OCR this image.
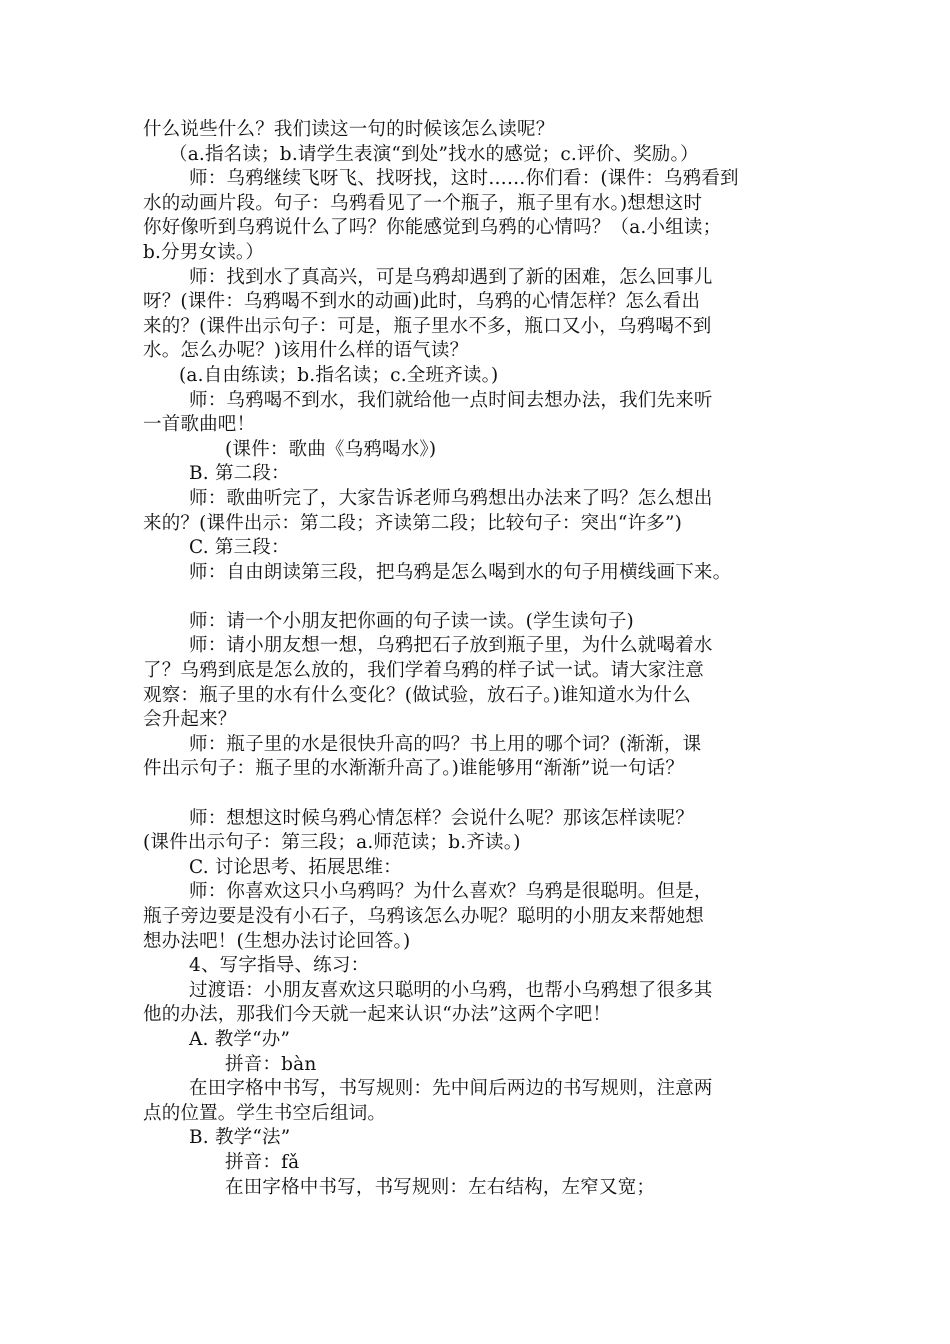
什么说些什么？我们读这一句的时候该怎么读呢？
（a.指名读；b.请学生表演“到处”找水的感觉；c.评价、奖励。）
师：乌鸦继续飞呀飞、找呀找，这时……你们看：(课件：乌鸦看到
水的动画片段。句子：乌鸦看见了一个瓶子，瓶子里有水。)想想这时
你好像听到乌鸦说什么了吗？你能感觉到乌鸦的心情吗？（a.小组读；
b.分男女读。）
师：找到水了真高兴，可是乌鸦却遇到了新的困难，怎么回事儿
呀？(课件：乌鸦喝不到水的动画)此时，乌鸦的心情怎样？怎么看出
来的？(课件出示句子：可是，瓶子里水不多，瓶口又小，乌鸦喝不到
水。怎么办呢？)该用什么样的语气读？
(a.自由练读；b.指名读；c.全班齐读。)
师：乌鸦喝不到水，我们就给他一点时间去想办法，我们先来听
一首歌曲吧！
(课件：歌曲《乌鸦喝水》)
B. 第二段：
师：歌曲听完了，大家告诉老师乌鸦想出办法来了吗？怎么想出
来的？(课件出示：第二段；齐读第二段；比较句子：突出“许多”)
C. 第三段：
师：自由朗读第三段，把乌鸦是怎么喝到水的句子用横线画下来。
师：请一个小朋友把你画的句子读一读。(学生读句子)
师：请小朋友想一想，乌鸦把石子放到瓶子里，为什么就喝着水
了？乌鸦到底是怎么放的，我们学着乌鸦的样子试一试。请大家注意
观察：瓶子里的水有什么变化？(做试验，放石子。)谁知道水为什么
会升起来？
师：瓶子里的水是很快升高的吗？书上用的哪个词？(渐渐，课
件出示句子：瓶子里的水渐渐升高了。)谁能够用“渐渐”说一句话？
师：想想这时候乌鸦心情怎样？会说什么呢？那该怎样读呢？
(课件出示句子：第三段；a.师范读；b.齐读。)
C. 讨论思考、拓展思维：
师：你喜欢这只小乌鸦吗？为什么喜欢？乌鸦是很聪明。但是，
瓶子旁边要是没有小石子，乌鸦该怎么办呢？聪明的小朋友来帮她想
想办法吧！(生想办法讨论回答。)
4、写字指导、练习：
过渡语：小朋友喜欢这只聪明的小乌鸦，也帮小乌鸦想了很多其
他的办法，那我们今天就一起来认识“办法”这两个字吧！
A. 教学“办”
拼音：bàn
在田字格中书写，书写规则：先中间后两边的书写规则，注意两
点的位置。学生书空后组词。
B. 教学“法”
拼音：fǎ
在田字格中书写，书写规则：左右结构，左窄又宽；
